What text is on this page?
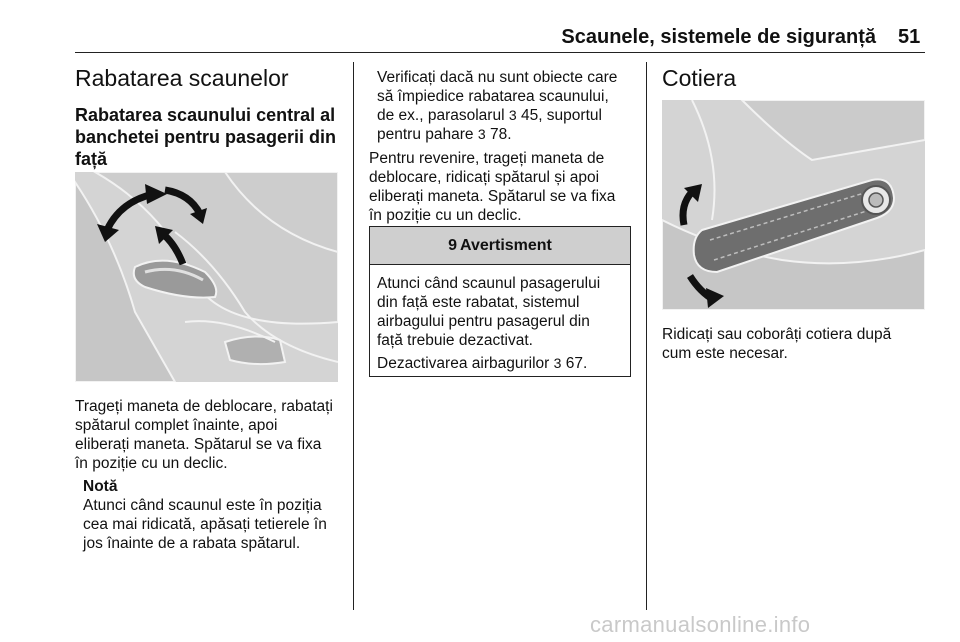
Scaunele, sistemele de siguranță 51
Rabatarea scaunelor
Rabatarea scaunului central al
banchetei pentru pasagerii din
față
Trageți maneta de deblocare, rabatați
spătarul complet înainte, apoi
eliberați maneta. Spătarul se va fixa
în poziție cu un declic.
Notă
Atunci când scaunul este în poziția
cea mai ridicată, apăsați tetierele în
jos înainte de a rabata spătarul.
Verificați dacă nu sunt obiecte care
să împiedice rabatarea scaunului,
de ex., parasolarul 3 45, suportul
pentru pahare 3 78.
Pentru revenire, trageți maneta de
deblocare, ridicați spătarul și apoi
eliberați maneta. Spătarul se va fixa
în poziție cu un declic.
9 Avertisment
Atunci când scaunul pasagerului
din față este rabatat, sistemul
airbagului pentru pasagerul din
față trebuie dezactivat.
Dezactivarea airbagurilor 3 67.
Cotiera
Ridicați sau coborâți cotiera după
cum este necesar.
carmanualsonline.info
